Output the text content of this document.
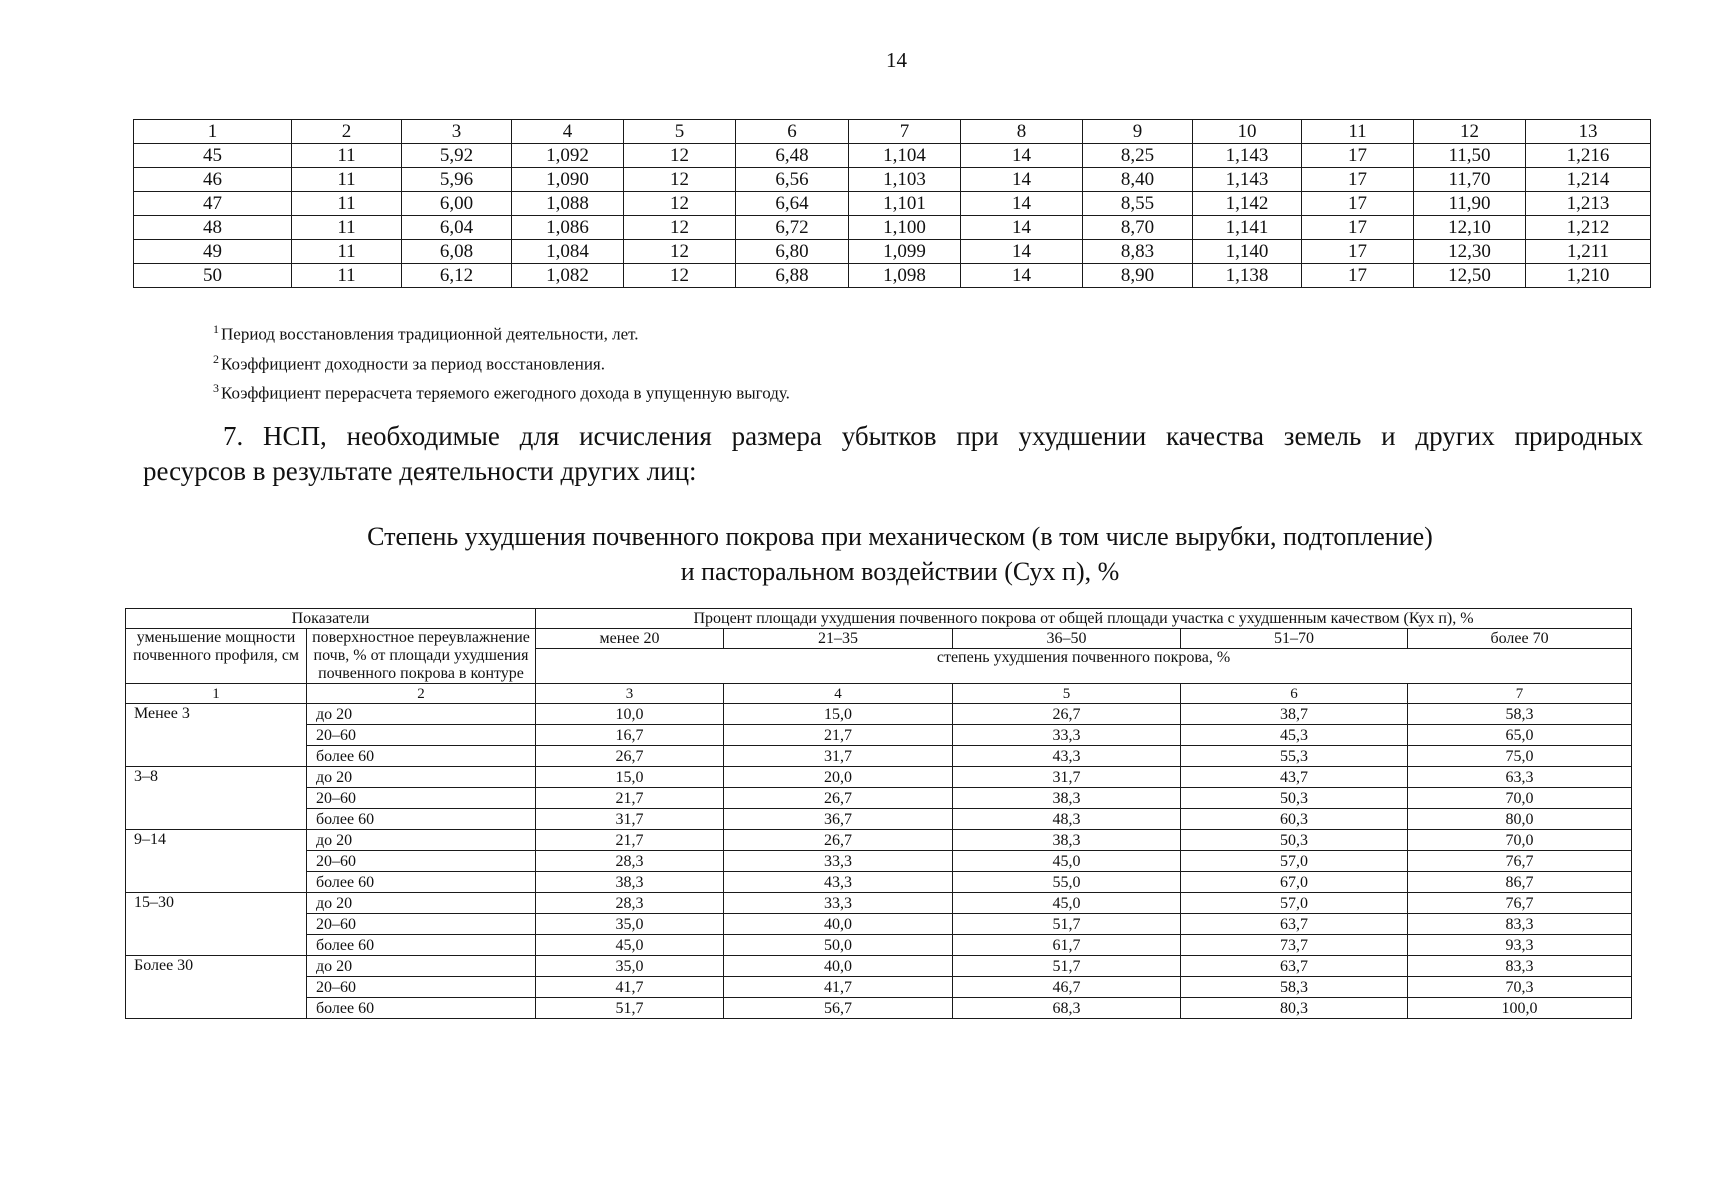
14
1	2	3	4	5	6	7	8	9	10	11	12	13
45	11	5,92	1,092	12	6,48	1,104	14	8,25	1,143	17	11,50	1,216
46	11	5,96	1,090	12	6,56	1,103	14	8,40	1,143	17	11,70	1,214
47	11	6,00	1,088	12	6,64	1,101	14	8,55	1,142	17	11,90	1,213
48	11	6,04	1,086	12	6,72	1,100	14	8,70	1,141	17	12,10	1,212
49	11	6,08	1,084	12	6,80	1,099	14	8,83	1,140	17	12,30	1,211
50	11	6,12	1,082	12	6,88	1,098	14	8,90	1,138	17	12,50	1,210
$^1$ Период восстановления традиционной деятельности, лет.
$^2$ Коэффициент доходности за период восстановления.
$^3$ Коэффициент перерасчета теряемого ежегодного дохода в упущенную выгоду.
7. НСП, необходимые для исчисления размера убытков при ухудшении качества земель и других природных
ресурсов в результате деятельности других лиц:
Степень ухудшения почвенного покрова при механическом (в том числе вырубки, подтопление)
и пастоpальном воздействии (Сух п), %
Показатели		Процент площади ухудшения почвенного покрова от общей площади участка с ухудшенным качеством (Кух п), %				
уменьшение мощности почвенного профиля, см	поверхностное переувлажнение почв, % от площади ухудшения почвенного покрова в контуре	менее 20	21–35	36–50	51–70	более 70
		степень ухудшения почвенного покрова, %				
1	2	3	4	5	6	7
Менее 3	до 20	10,0	15,0	26,7	38,7	58,3
	20–60	16,7	21,7	33,3	45,3	65,0
	более 60	26,7	31,7	43,3	55,3	75,0
3–8	до 20	15,0	20,0	31,7	43,7	63,3
	20–60	21,7	26,7	38,3	50,3	70,0
	более 60	31,7	36,7	48,3	60,3	80,0
9–14	до 20	21,7	26,7	38,3	50,3	70,0
	20–60	28,3	33,3	45,0	57,0	76,7
	более 60	38,3	43,3	55,0	67,0	86,7
15–30	до 20	28,3	33,3	45,0	57,0	76,7
	20–60	35,0	40,0	51,7	63,7	83,3
	более 60	45,0	50,0	61,7	73,7	93,3
Более 30	до 20	35,0	40,0	51,7	63,7	83,3
	20–60	41,7	41,7	46,7	58,3	70,3
	более 60	51,7	56,7	68,3	80,3	100,0
